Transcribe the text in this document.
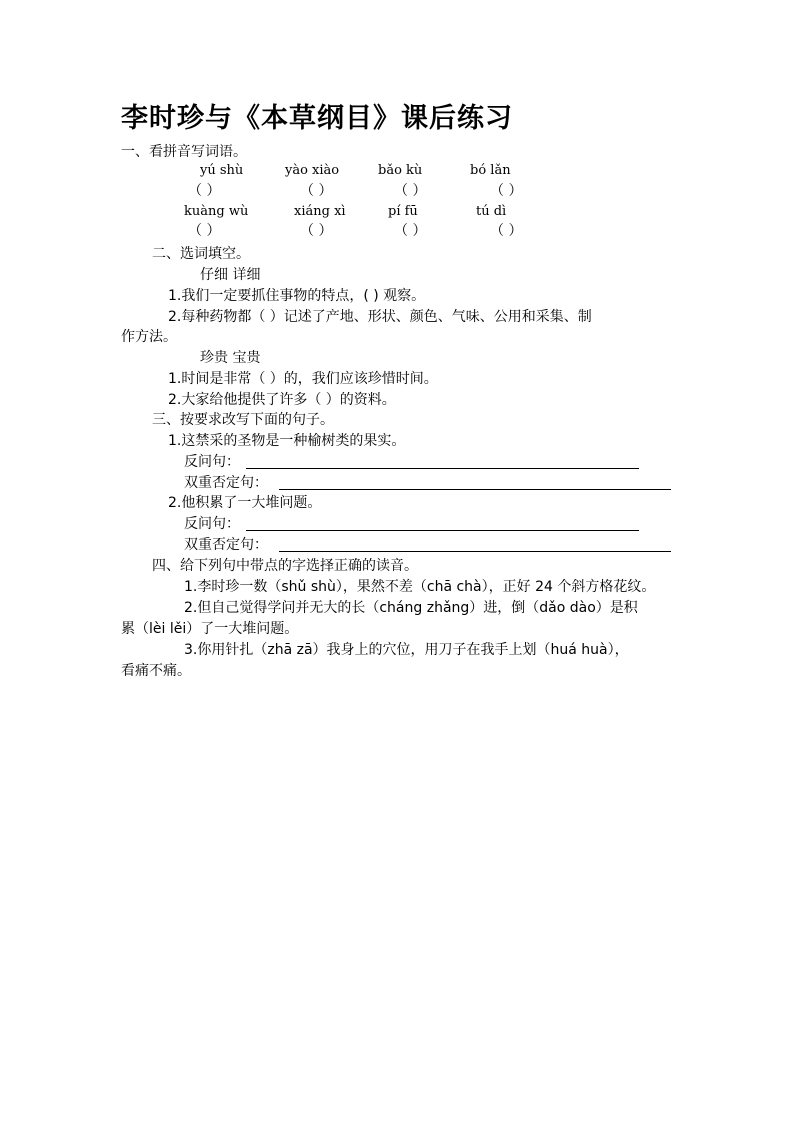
李时珍与《本草纲目》课后练习
一、看拼音写词语。
yú shù	yào xiào	bǎo kù	bó lǎn
（ ）	（ ）	（ ）	（ ）
kuàng wù	xiáng xì	pí fū	tú dì
（ ）	（ ）	（ ）	（ ）
二、选词填空。
仔细 详细
1.我们一定要抓住事物的特点，( ) 观察。
2.每种药物都（ ）记述了产地、形状、颜色、气味、公用和采集、制
作方法。
珍贵 宝贵
1.时间是非常（ ）的，我们应该珍惜时间。
2.大家给他提供了许多（ ）的资料。
三、按要求改写下面的句子。
1.这禁采的圣物是一种榆树类的果实。
反问句：
双重否定句：
2.他积累了一大堆问题。
反问句：
双重否定句：
四、给下列句中带点的字选择正确的读音。
1.李时珍一数（shǔ shù），果然不差（chā chà），正好 24 个斜方格花纹。
2.但自己觉得学问并无大的长（cháng zhǎng）进，倒（dǎo dào）是积
累（lèi lěi）了一大堆问题。
3.你用针扎（zhā zā）我身上的穴位，用刀子在我手上划（huá huà），
看痛不痛。
